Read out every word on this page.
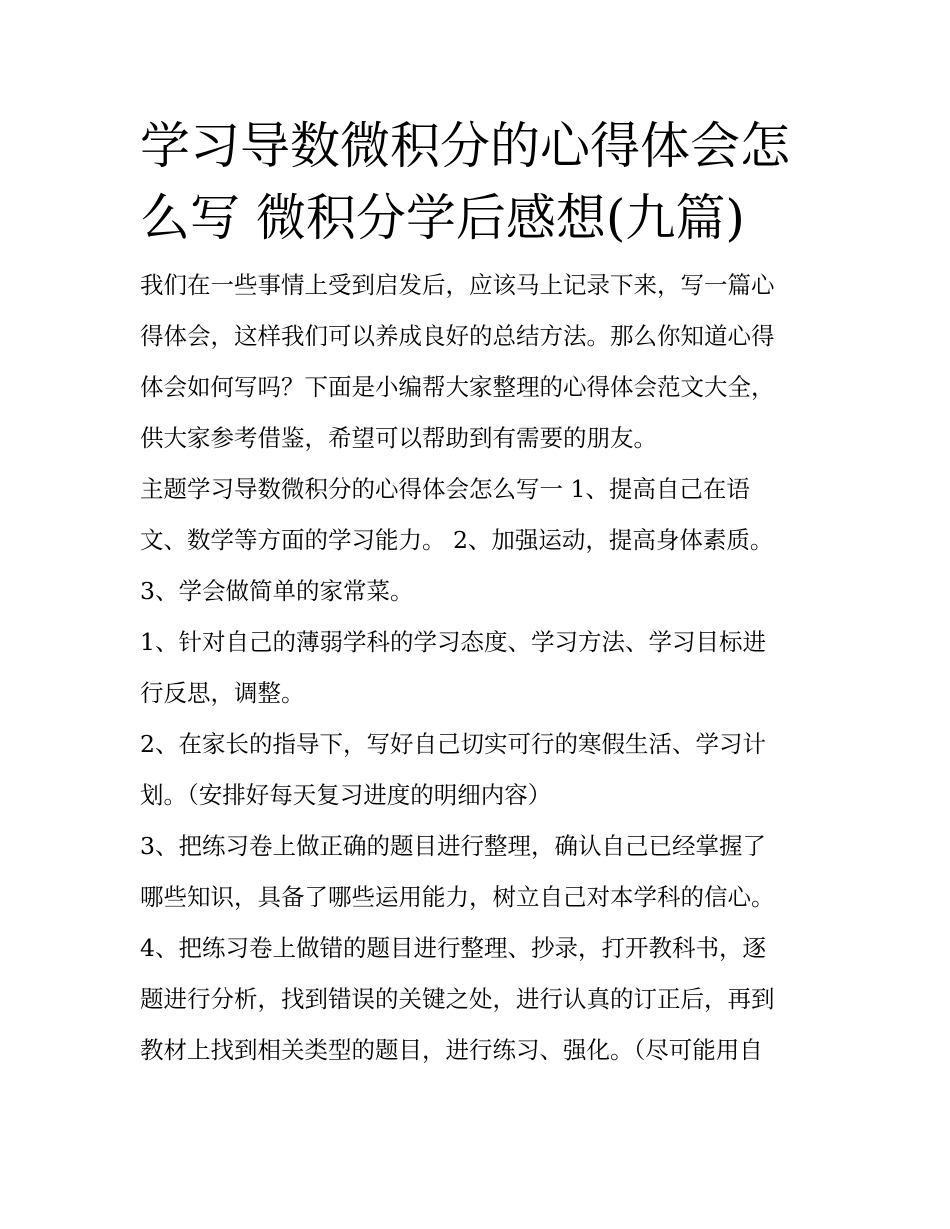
学习导数微积分的心得体会怎
么写 微积分学后感想(九篇)

我们在一些事情上受到启发后，应该马上记录下来，写一篇心
得体会，这样我们可以养成良好的总结方法。那么你知道心得
体会如何写吗？下面是小编帮大家整理的心得体会范文大全，
供大家参考借鉴，希望可以帮助到有需要的朋友。

主题学习导数微积分的心得体会怎么写一 1、提高自己在语
文、数学等方面的学习能力。 2、加强运动，提高身体素质。
3、学会做简单的家常菜。

1、针对自己的薄弱学科的学习态度、学习方法、学习目标进
行反思，调整。

2、在家长的指导下，写好自己切实可行的寒假生活、学习计
划。（安排好每天复习进度的明细内容）

3、把练习卷上做正确的题目进行整理，确认自己已经掌握了
哪些知识，具备了哪些运用能力，树立自己对本学科的信心。

4、把练习卷上做错的题目进行整理、抄录，打开教科书，逐
题进行分析，找到错误的关键之处，进行认真的订正后，再到
教材上找到相关类型的题目，进行练习、强化。（尽可能用自
